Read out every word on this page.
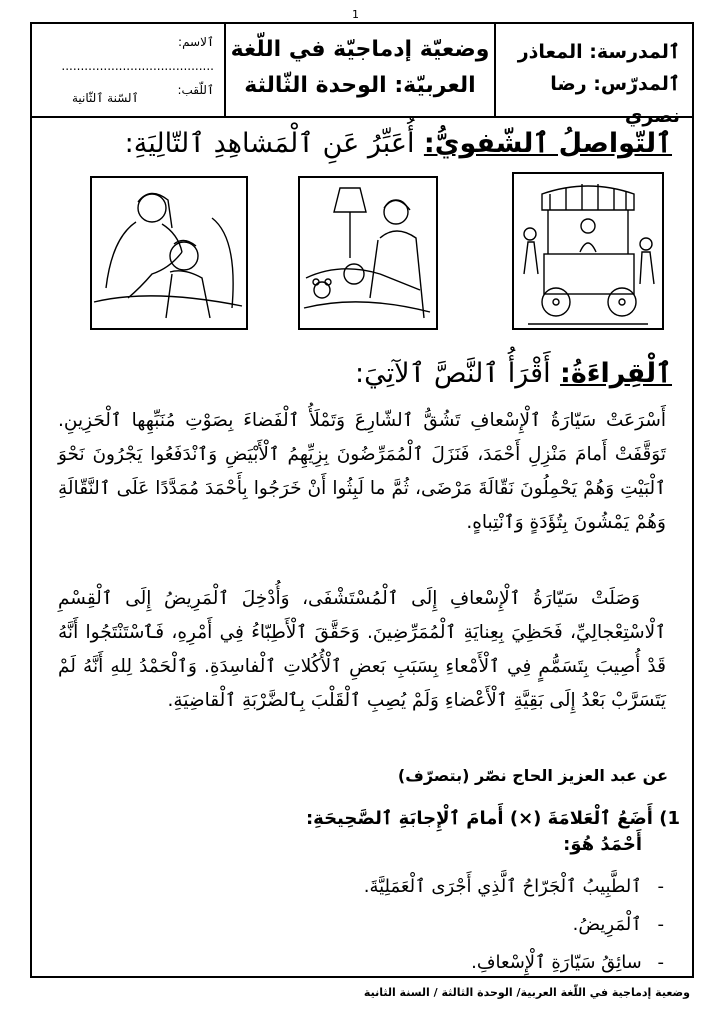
1
ٱلمدرسة: المعاذر
ٱلمدرّس: رضا نصري
وضعيّة إدماجيّة في اللّغة
العربيّة: الوحدة الثّالثة
ٱلاسم: ........................................
ٱللّقب: .........................................
ٱلسّنة ٱلثّانية
ٱلتّواصلُ ٱلشّفويُّ: أُعَبِّرُ عَنِ ٱلْمَشاهِدِ ٱلتّالِيَةِ:
ٱلْقِراءَةُ: أَقْرَأُ ٱلنَّصَّ ٱلآتِيَ:
أَسْرَعَتْ سَيّارَةُ ٱلْإِسْعافِ تَشُقُّ ٱلشّارِعَ وَتَمْلَأُ ٱلْفَضاءَ بِصَوْتِ مُنَبِّهِها ٱلْحَزِينِ.
تَوَقَّفَتْ أَمامَ مَنْزِلِ أَحْمَدَ، فَنَزَلَ ٱلْمُمَرِّضُونَ بِزِيِّهِمُ ٱلْأَبْيَضِ وَٱنْدَفَعُوا يَجْرُونَ نَحْوَ
ٱلْبَيْتِ وَهُمْ يَحْمِلُونَ نَقّالَةَ مَرْضَى، ثُمَّ ما لَبِثُوا أَنْ خَرَجُوا بِأَحْمَدَ مُمَدَّدًا عَلَى ٱلنَّقّالَةِ
وَهُمْ يَمْشُونَ بِتُؤَدَةٍ وَٱنْتِباهٍ.
وَصَلَتْ سَيّارَةُ ٱلْإِسْعافِ إِلَى ٱلْمُسْتَشْفَى، وَأُدْخِلَ ٱلْمَرِيضُ إِلَى ٱلْقِسْمِ
ٱلْاسْتِعْجالِيِّ، فَحَظِيَ بِعِنايَةِ ٱلْمُمَرِّضِينَ. وَحَقَّقَ ٱلْأَطِبّاءُ فِي أَمْرِهِ، فَٱسْتَنْتَجُوا أَنَّهُ
قَدْ أُصِيبَ بِتَسَمُّمٍ فِي ٱلْأَمْعاءِ بِسَبَبِ بَعضِ ٱلْأُكُلاتِ ٱلْفاسِدَةِ. وَٱلْحَمْدُ لِلهِ أَنَّهُ لَمْ
يَتَسَرَّبْ بَعْدُ إِلَى بَقِيَّةِ ٱلْأَعْضاءِ وَلَمْ يُصِبِ ٱلْقَلْبَ بِٱلضَّرْبَةِ ٱلْقاضِيَةِ.
عن عبد العزيز الحاج نصّر (بتصرّف)
1) أَضَعُ ٱلْعَلامَةَ (×) أَمامَ ٱلْإِجابَةِ ٱلصَّحِيحَةِ:
أَحْمَدُ هُوَ:
- ٱلطَّبِيبُ ٱلْجَرّاحُ ٱلَّذِي أَجْرَى ٱلْعَمَلِيَّةَ.
- ٱلْمَرِيضُ.
- سائِقُ سَيّارَةِ ٱلْإِسْعافِ.
وضعية إدماجية في اللّغة العربية/ الوحدة الثالثة / السنة الثانية
